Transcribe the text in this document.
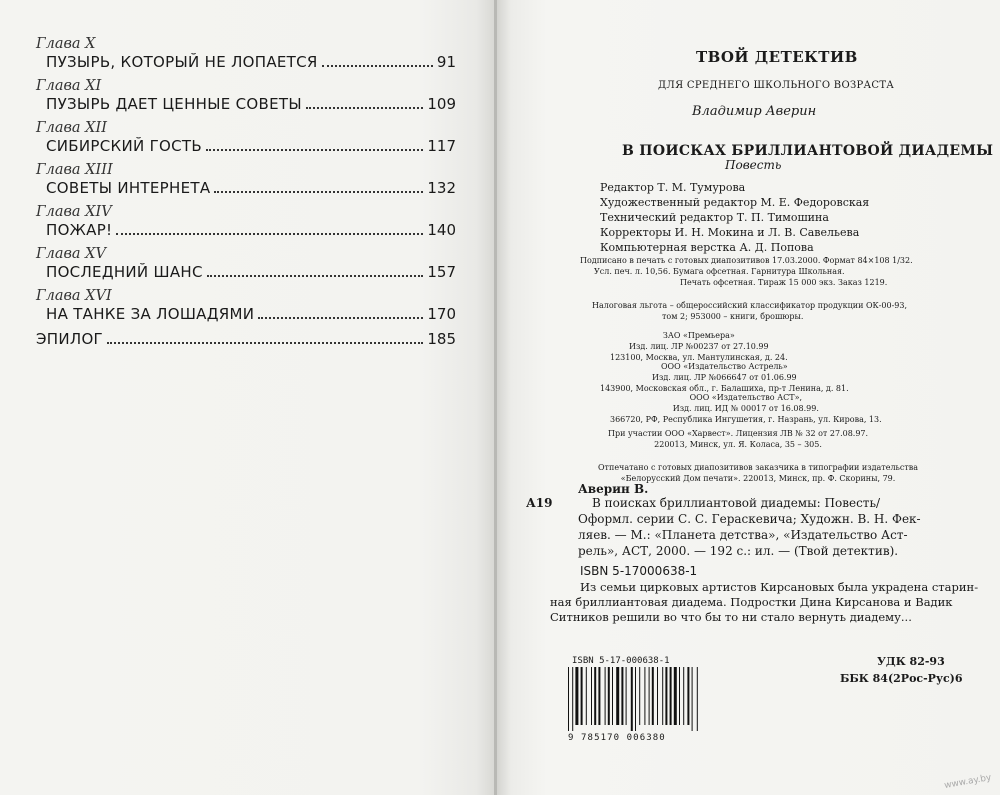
Глава X
ПУЗЫРЬ, КОТОРЫЙ НЕ ЛОПАЕТСЯ	91
Глава XI
ПУЗЫРЬ ДАЕТ ЦЕННЫЕ СОВЕТЫ	109
Глава XII
СИБИРСКИЙ ГОСТЬ	117
Глава XIII
СОВЕТЫ ИНТЕРНЕТА	132
Глава XIV
ПОЖАР!	140
Глава XV
ПОСЛЕДНИЙ ШАНС	157
Глава XVI
НА ТАНКЕ ЗА ЛОШАДЯМИ	170
ЭПИЛОГ	185
ТВОЙ ДЕТЕКТИВ
ДЛЯ СРЕДНЕГО ШКОЛЬНОГО ВОЗРАСТА
Владимир Аверин
В ПОИСКАХ БРИЛЛИАНТОВОЙ ДИАДЕМЫ
Повесть
Редактор Т. М. Тумурова
Художественный редактор М. Е. Федоровская
Технический редактор Т. П. Тимошина
Корректоры И. Н. Мокина и Л. В. Савельева
Компьютерная верстка А. Д. Попова
Подписано в печать с готовых диапозитивов 17.03.2000. Формат 84×108 1/32.
Усл. печ. л. 10,56. Бумага офсетная. Гарнитура Школьная.
Печать офсетная. Тираж 15 000 экз. Заказ 1219.
Налоговая льгота – общероссийский классификатор продукции ОК-00-93,
том 2; 953000 – книги, брошюры.
ЗАО «Премьера»
Изд. лиц. ЛР №00237 от 27.10.99
123100, Москва, ул. Мантулинская, д. 24.
ООО «Издательство Астрель»
Изд. лиц. ЛР №066647 от 01.06.99
143900, Московская обл., г. Балашиха, пр-т Ленина, д. 81.
ООО «Издательство АСТ»,
Изд. лиц. ИД № 00017 от 16.08.99.
366720, РФ, Республика Ингушетия, г. Назрань, ул. Кирова, 13.
При участии ООО «Харвест». Лицензия ЛВ № 32 от 27.08.97.
220013, Минск, ул. Я. Коласа, 35 – 305.
Отпечатано с готовых диапозитивов заказчика в типографии издательства
«Белорусский Дом печати». 220013, Минск, пр. Ф. Скорины, 79.
Аверин В.
А19	В поисках бриллиантовой диадемы: Повесть/
Оформл. серии С. С. Гераскевича; Художн. В. Н. Фек-
ляев. — М.: «Планета детства», «Издательство Аст-
рель», АСТ, 2000. — 192 с.: ил. — (Твой детектив).
ISBN 5-17000638-1
Из семьи цирковых артистов Кирсановых была украдена старин-
ная бриллиантовая диадема. Подростки Дина Кирсанова и Вадик
Ситников решили во что бы то ни стало вернуть диадему...
ISBN 5-17-000638-1
9 785170 006380
УДК 82-93
ББК 84(2Рос-Рус)6
www.ay.by
